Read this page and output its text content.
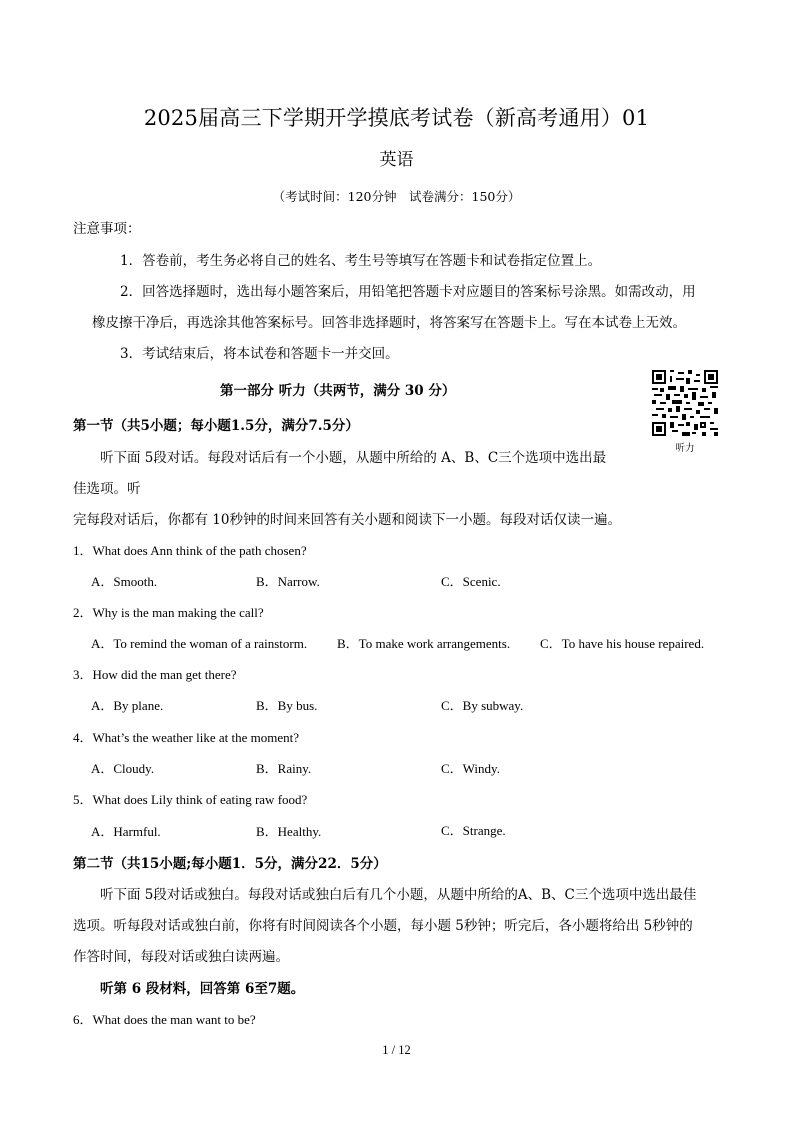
2025届高三下学期开学摸底考试卷（新高考通用）01
英语
（考试时间：120分钟　试卷满分：150分）
注意事项：
1．答卷前，考生务必将自己的姓名、考生号等填写在答题卡和试卷指定位置上。
2．回答选择题时，选出每小题答案后，用铅笔把答题卡对应题目的答案标号涂黑。如需改动，用
橡皮擦干净后，再选涂其他答案标号。回答非选择题时，将答案写在答题卡上。写在本试卷上无效。
3．考试结束后，将本试卷和答题卡一并交回。
第一部分 听力（共两节，满分 30 分）
听力
第一节（共5小题；每小题1.5分，满分7.5分）
听下面 5段对话。每段对话后有一个小题，从题中所给的 A、B、C三个选项中选出最
佳选项。听
完每段对话后，你都有 10秒钟的时间来回答有关小题和阅读下一小题。每段对话仅读一遍。
1．What does Ann think of the path chosen?
A．Smooth.	B．Narrow.	C．Scenic.
2．Why is the man making the call?
A．To remind the woman of a rainstorm. B．To make work arrangements. C．To have his house repaired.
3．How did the man get there?
A．By plane.	B．By bus.	C．By subway.
4．What’s the weather like at the moment?
A．Cloudy.	B．Rainy.	C．Windy.
5．What does Lily think of eating raw food?
A．Harmful.	B．Healthy.	C．Strange.
第二节（共15小题;每小题1．5分，满分22．5分）
听下面 5段对话或独白。每段对话或独白后有几个小题，从题中所给的A、B、C三个选项中选出最佳
选项。听每段对话或独白前，你将有时间阅读各个小题，每小题 5秒钟；听完后，各小题将给出 5秒钟的
作答时间，每段对话或独白读两遍。
听第 6 段材料，回答第 6至7题。
6．What does the man want to be?
1 / 12
